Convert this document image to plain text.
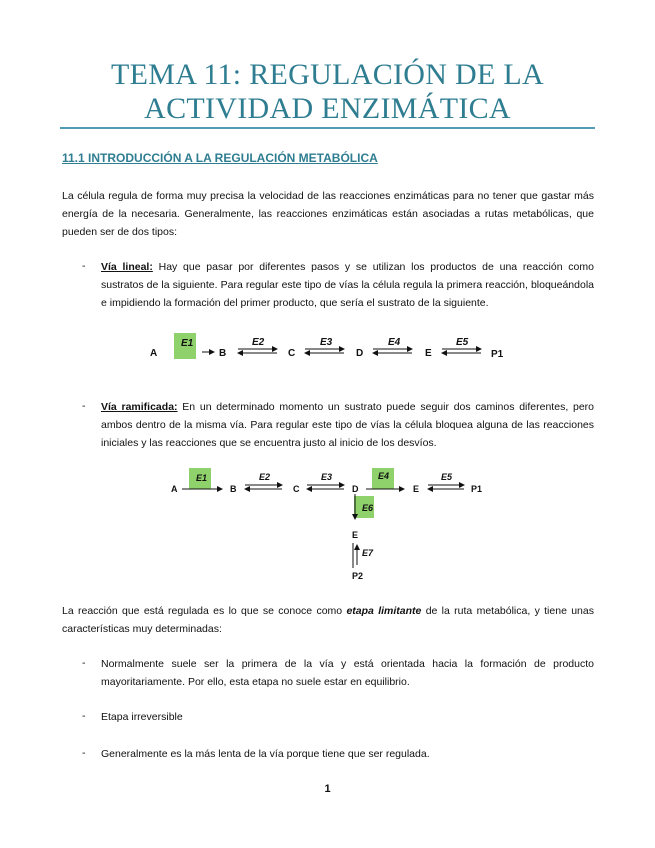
TEMA 11: REGULACIÓN DE LA
ACTIVIDAD ENZIMÁTICA
11.1 INTRODUCCIÓN A LA REGULACIÓN METABÓLICA
La célula regula de forma muy precisa la velocidad de las reacciones enzimáticas para no tener que gastar más energía de la necesaria. Generalmente, las reacciones enzimáticas están asociadas a rutas metabólicas, que pueden ser de dos tipos:
- Vía lineal: Hay que pasar por diferentes pasos y se utilizan los productos de una reacción como sustratos de la siguiente. Para regular este tipo de vías la célula regula la primera reacción, bloqueándola e impidiendo la formación del primer producto, que sería el sustrato de la siguiente.
A
E1
B
E2
C
E3
D
E4
E
E5
P1
- Vía ramificada: En un determinado momento un sustrato puede seguir dos caminos diferentes, pero ambos dentro de la misma vía. Para regular este tipo de vías la célula bloquea alguna de las reacciones iniciales y las reacciones que se encuentra justo al inicio de los desvíos.
A
E1
B
E2
C
E3
D
E4
E
E5
P1
E6
E
E7
P2
La reacción que está regulada es lo que se conoce como etapa limitante de la ruta metabólica, y tiene unas características muy determinadas:
- Normalmente suele ser la primera de la vía y está orientada hacia la formación de producto mayoritariamente. Por ello, esta etapa no suele estar en equilibrio.
- Etapa irreversible
- Generalmente es la más lenta de la vía porque tiene que ser regulada.
1
